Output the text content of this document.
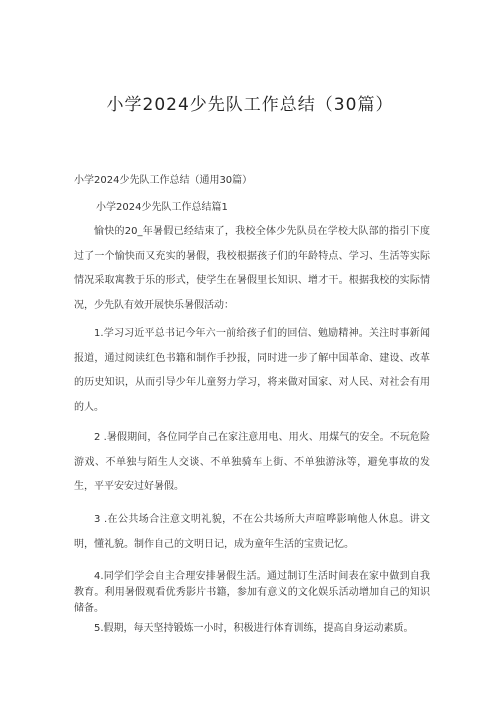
小学2024少先队工作总结（30篇）
小学2024少先队工作总结（通用30篇）
小学2024少先队工作总结篇1
愉快的20_年暑假已经结束了，我校全体少先队员在学校大队部的指引下度过了一个愉快而又充实的暑假，我校根据孩子们的年龄特点、学习、生活等实际情况采取寓教于乐的形式，使学生在暑假里长知识、增才干。根据我校的实际情况，少先队有效开展快乐暑假活动：
1.学习习近平总书记今年六一前给孩子们的回信、勉励精神。关注时事新闻报道，通过阅读红色书籍和制作手抄报，同时进一步了解中国革命、建设、改革的历史知识，从而引导少年儿童努力学习，将来做对国家、对人民、对社会有用的人。
2 .暑假期间，各位同学自己在家注意用电、用火、用煤气的安全。不玩危险游戏、不单独与陌生人交谈、不单独骑车上街、不单独游泳等，避免事故的发生，平平安安过好暑假。
3 .在公共场合注意文明礼貌，不在公共场所大声喧哗影响他人休息。讲文明，懂礼貌。制作自己的文明日记，成为童年生活的宝贵记忆。
4.同学们学会自主合理安排暑假生活。通过制订生活时间表在家中做到自我教育。利用暑假观看优秀影片书籍，参加有意义的文化娱乐活动增加自己的知识储备。
5.假期，每天坚持锻炼一小时，积极进行体育训练，提高自身运动素质。
